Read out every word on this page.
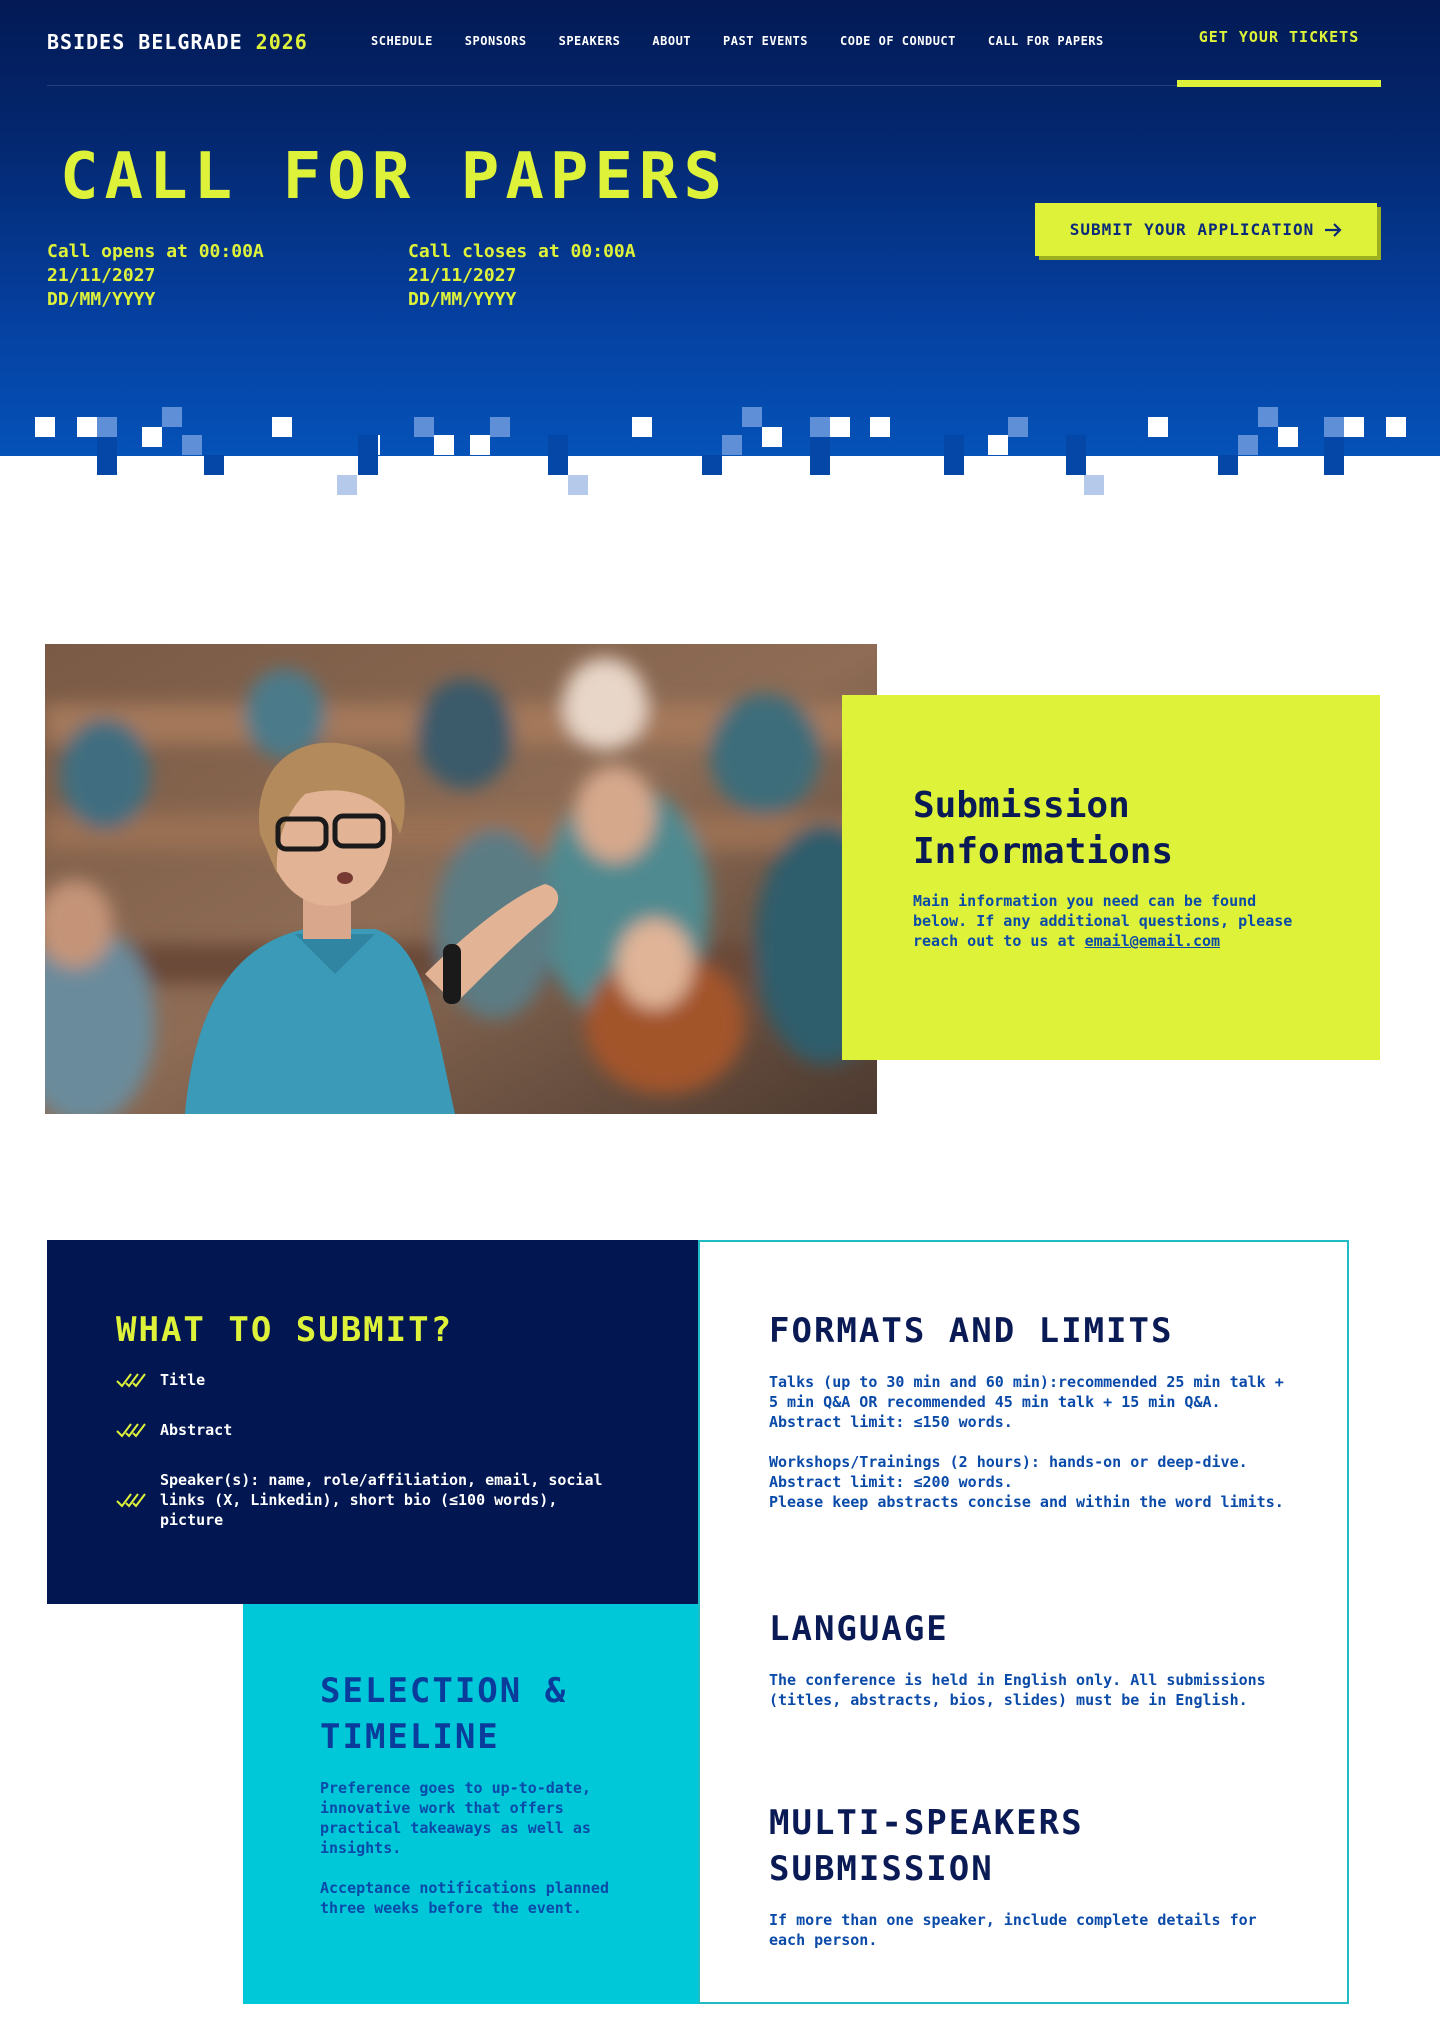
BSIDES BELGRADE 2026	SCHEDULE	SPONSORS	SPEAKERS	ABOUT	PAST EVENTS	CODE OF CONDUCT	CALL FOR PAPERS	GET YOUR TICKETS
CALL FOR PAPERS
Call opens at 00:00A
21/11/2027
DD/MM/YYYY
Call closes at 00:00A
21/11/2027
DD/MM/YYYY
SUBMIT YOUR APPLICATION
Submission
Informations

Main information you need can be found below. If any additional questions, please reach out to us at email@email.com

WHAT TO SUBMIT?
Title
Abstract
Speaker(s): name, role/affiliation, email, social links (X, Linkedin), short bio (≤100 words), picture
SELECTION &
TIMELINE

Preference goes to up-to-date, innovative work that offers practical takeaways as well as insights.

Acceptance notifications planned three weeks before the event.

FORMATS AND LIMITS

Talks (up to 30 min and 60 min):recommended 25 min talk + 5 min Q&A OR recommended 45 min talk + 15 min Q&A. Abstract limit: ≤150 words.

Workshops/Trainings (2 hours): hands-on or deep-dive. Abstract limit: ≤200 words.
Please keep abstracts concise and within the word limits.

LANGUAGE

The conference is held in English only. All submissions (titles, abstracts, bios, slides) must be in English.

MULTI-SPEAKERS
SUBMISSION

If more than one speaker, include complete details for each person.
